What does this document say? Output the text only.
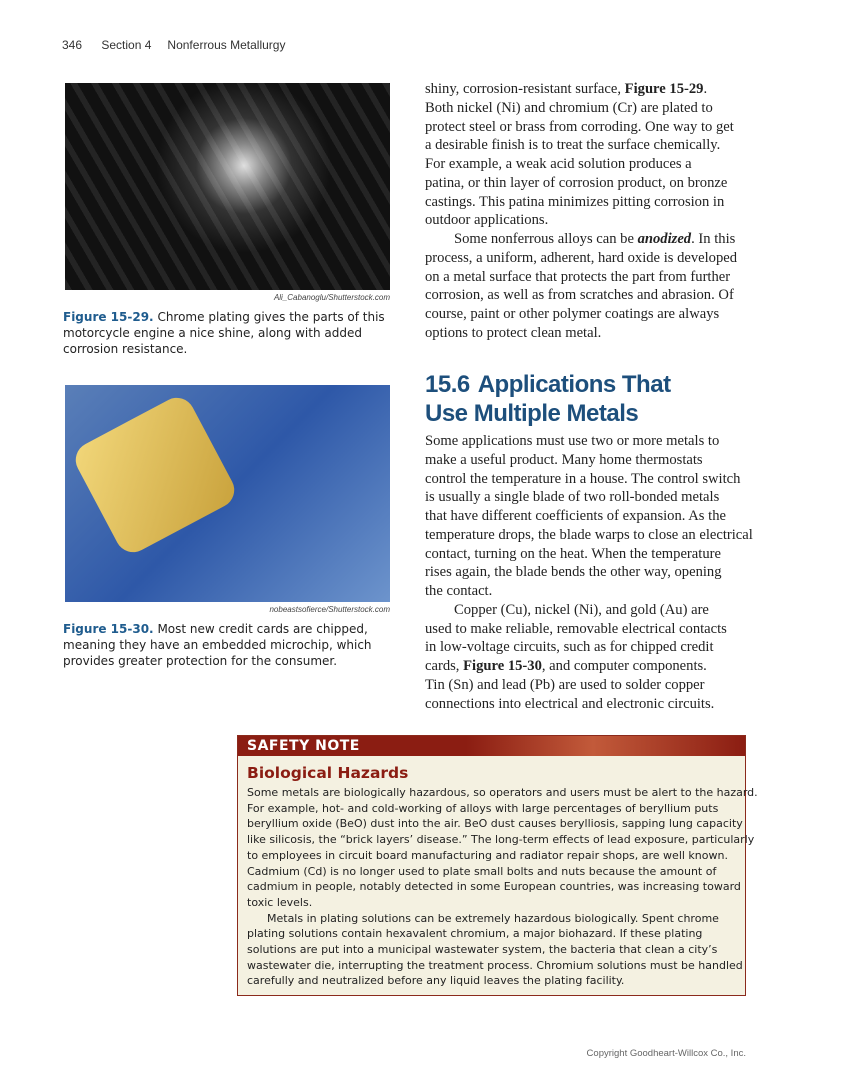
346 Section 4 Nonferrous Metallurgy
Ali_Cabanoglu/Shutterstock.com
Figure 15-29. Chrome plating gives the parts of this motorcycle engine a nice shine, along with added corrosion resistance.
nobeastsofierce/Shutterstock.com
Figure 15-30. Most new credit cards are chipped, meaning they have an embedded microchip, which provides greater protection for the consumer.
shiny, corrosion-resistant surface, Figure 15-29.
Both nickel (Ni) and chromium (Cr) are plated to
protect steel or brass from corroding. One way to get
a desirable finish is to treat the surface chemically.
For example, a weak acid solution produces a
patina, or thin layer of corrosion product, on bronze
castings. This patina minimizes pitting corrosion in
outdoor applications.
Some nonferrous alloys can be anodized. In this
process, a uniform, adherent, hard oxide is developed
on a metal surface that protects the part from further
corrosion, as well as from scratches and abrasion. Of
course, paint or other polymer coatings are always
options to protect clean metal.
15.6 Applications That
Use Multiple Metals
Some applications must use two or more metals to
make a useful product. Many home thermostats
control the temperature in a house. The control switch
is usually a single blade of two roll-bonded metals
that have different coefficients of expansion. As the
temperature drops, the blade warps to close an electrical
contact, turning on the heat. When the temperature
rises again, the blade bends the other way, opening
the contact.
Copper (Cu), nickel (Ni), and gold (Au) are
used to make reliable, removable electrical contacts
in low-voltage circuits, such as for chipped credit
cards, Figure 15-30, and computer components.
Tin (Sn) and lead (Pb) are used to solder copper
connections into electrical and electronic circuits.
SAFETY NOTE
Biological Hazards
Some metals are biologically hazardous, so operators and users must be alert to the hazard.
For example, hot- and cold-working of alloys with large percentages of beryllium puts
beryllium oxide (BeO) dust into the air. BeO dust causes berylliosis, sapping lung capacity
like silicosis, the “brick layers’ disease.” The long-term effects of lead exposure, particularly
to employees in circuit board manufacturing and radiator repair shops, are well known.
Cadmium (Cd) is no longer used to plate small bolts and nuts because the amount of
cadmium in people, notably detected in some European countries, was increasing toward
toxic levels.
Metals in plating solutions can be extremely hazardous biologically. Spent chrome
plating solutions contain hexavalent chromium, a major biohazard. If these plating
solutions are put into a municipal wastewater system, the bacteria that clean a city’s
wastewater die, interrupting the treatment process. Chromium solutions must be handled
carefully and neutralized before any liquid leaves the plating facility.
Copyright Goodheart-Willcox Co., Inc.
